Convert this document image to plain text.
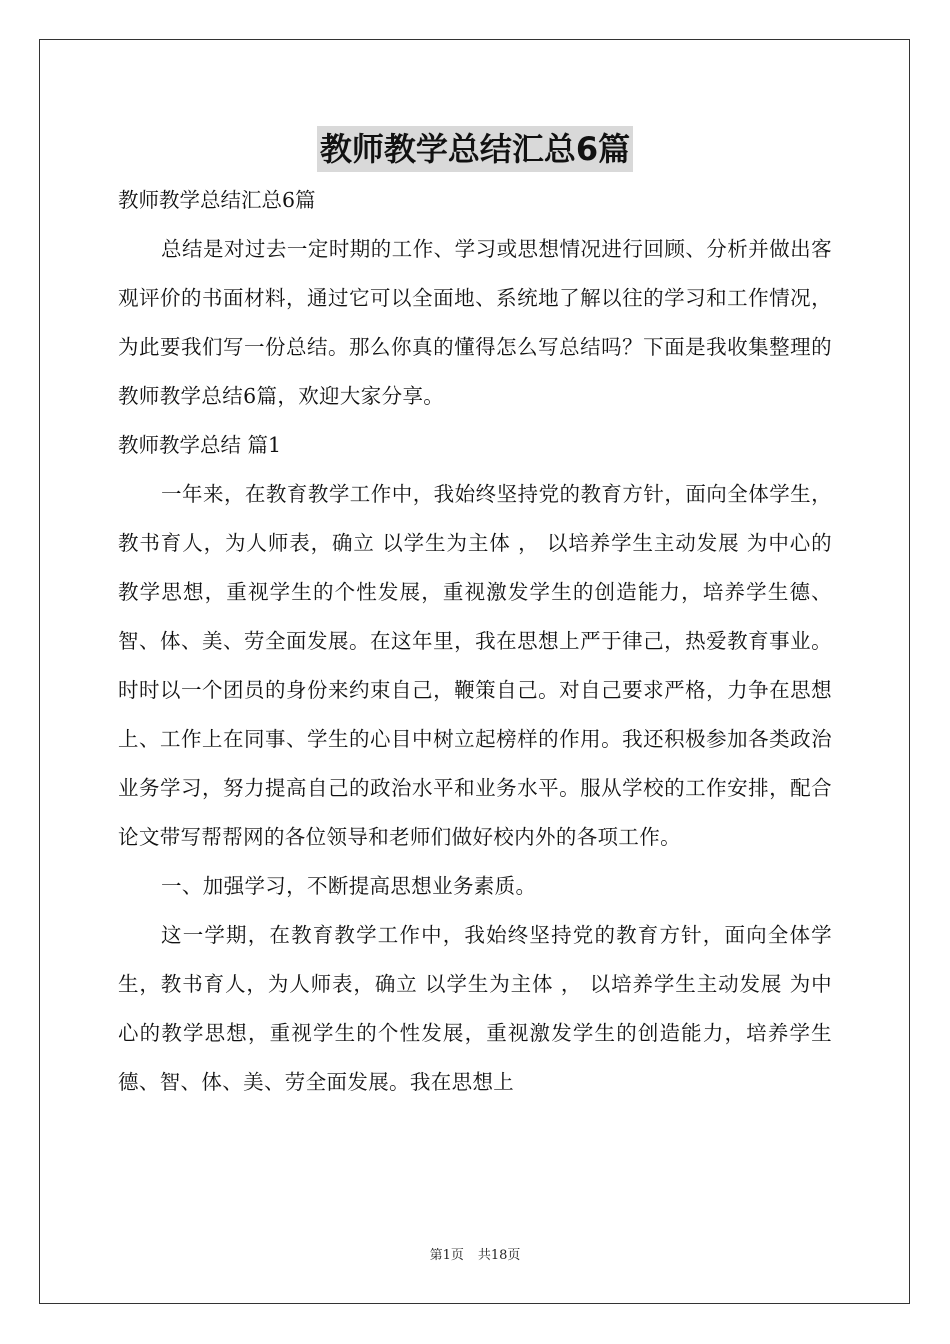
教师教学总结汇总6篇

教师教学总结汇总6篇

总结是对过去一定时期的工作、学习或思想情况进行回顾、分析并做出客观评价的书面材料，通过它可以全面地、系统地了解以往的学习和工作情况，为此要我们写一份总结。那么你真的懂得怎么写总结吗？下面是我收集整理的教师教学总结6篇，欢迎大家分享。

教师教学总结 篇1

一年来，在教育教学工作中，我始终坚持党的教育方针，面向全体学生，教书育人，为人师表，确立 以学生为主体 ， 以培养学生主动发展 为中心的教学思想，重视学生的个性发展，重视激发学生的创造能力，培养学生德、智、体、美、劳全面发展。在这年里，我在思想上严于律己，热爱教育事业。时时以一个团员的身份来约束自己，鞭策自己。对自己要求严格，力争在思想上、工作上在同事、学生的心目中树立起榜样的作用。我还积极参加各类政治业务学习，努力提高自己的政治水平和业务水平。服从学校的工作安排，配合论文带写帮帮网的各位领导和老师们做好校内外的各项工作。

一、加强学习，不断提高思想业务素质。

这一学期，在教育教学工作中，我始终坚持党的教育方针，面向全体学生，教书育人，为人师表，确立 以学生为主体 ， 以培养学生主动发展 为中心的教学思想，重视学生的个性发展，重视激发学生的创造能力，培养学生德、智、体、美、劳全面发展。我在思想上

第1页 共18页
